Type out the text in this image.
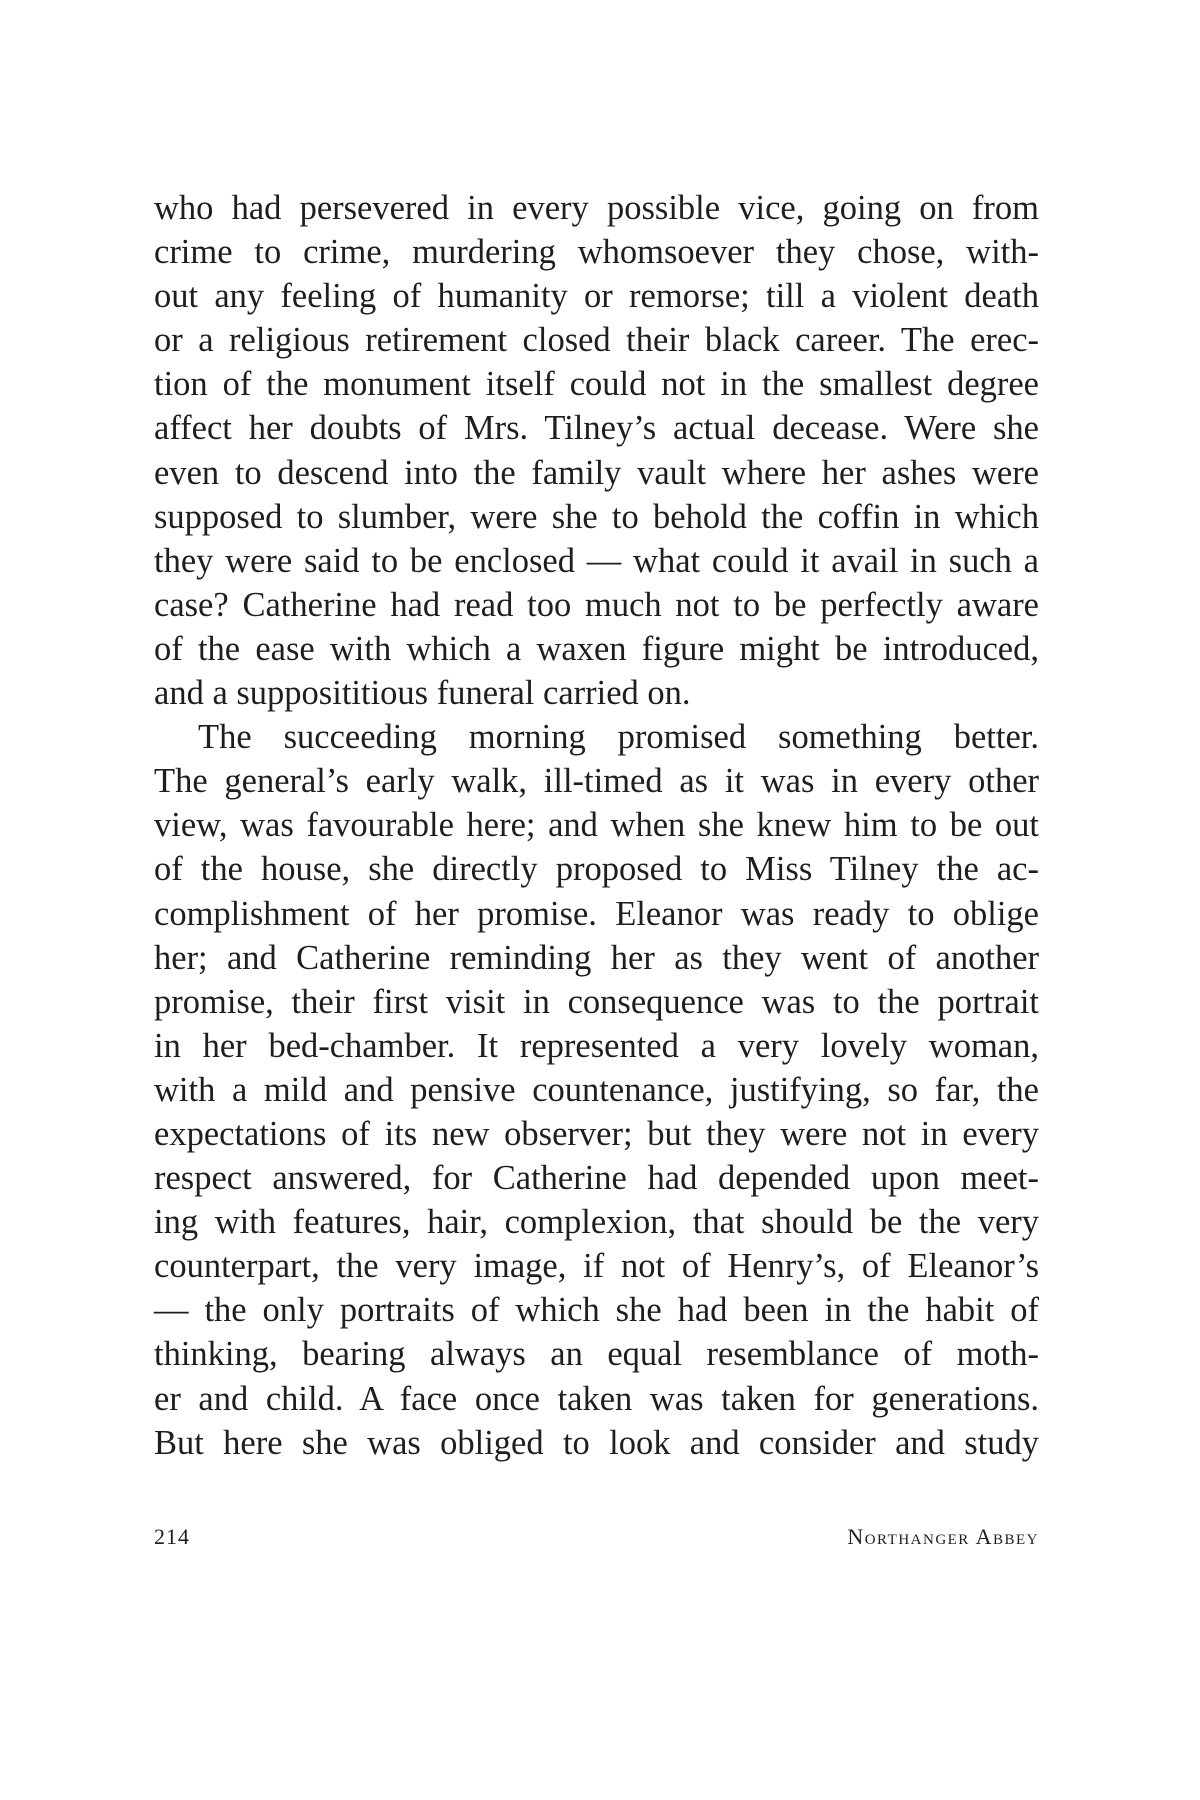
who had persevered in every possible vice, going on from
crime to crime, murdering whomsoever they chose, with-
out any feeling of humanity or remorse; till a violent death
or a religious retirement closed their black career. The erec-
tion of the monument itself could not in the smallest degree
affect her doubts of Mrs. Tilney’s actual decease. Were she
even to descend into the family vault where her ashes were
supposed to slumber, were she to behold the coffin in which
they were said to be enclosed — what could it avail in such a
case? Catherine had read too much not to be perfectly aware
of the ease with which a waxen figure might be introduced,
and a supposititious funeral carried on.
The succeeding morning promised something better.
The general’s early walk, ill-timed as it was in every other
view, was favourable here; and when she knew him to be out
of the house, she directly proposed to Miss Tilney the ac-
complishment of her promise. Eleanor was ready to oblige
her; and Catherine reminding her as they went of another
promise, their first visit in consequence was to the portrait
in her bed-chamber. It represented a very lovely woman,
with a mild and pensive countenance, justifying, so far, the
expectations of its new observer; but they were not in every
respect answered, for Catherine had depended upon meet-
ing with features, hair, complexion, that should be the very
counterpart, the very image, if not of Henry’s, of Eleanor’s
— the only portraits of which she had been in the habit of
thinking, bearing always an equal resemblance of moth-
er and child. A face once taken was taken for generations.
But here she was obliged to look and consider and study
214	Northanger Abbey
